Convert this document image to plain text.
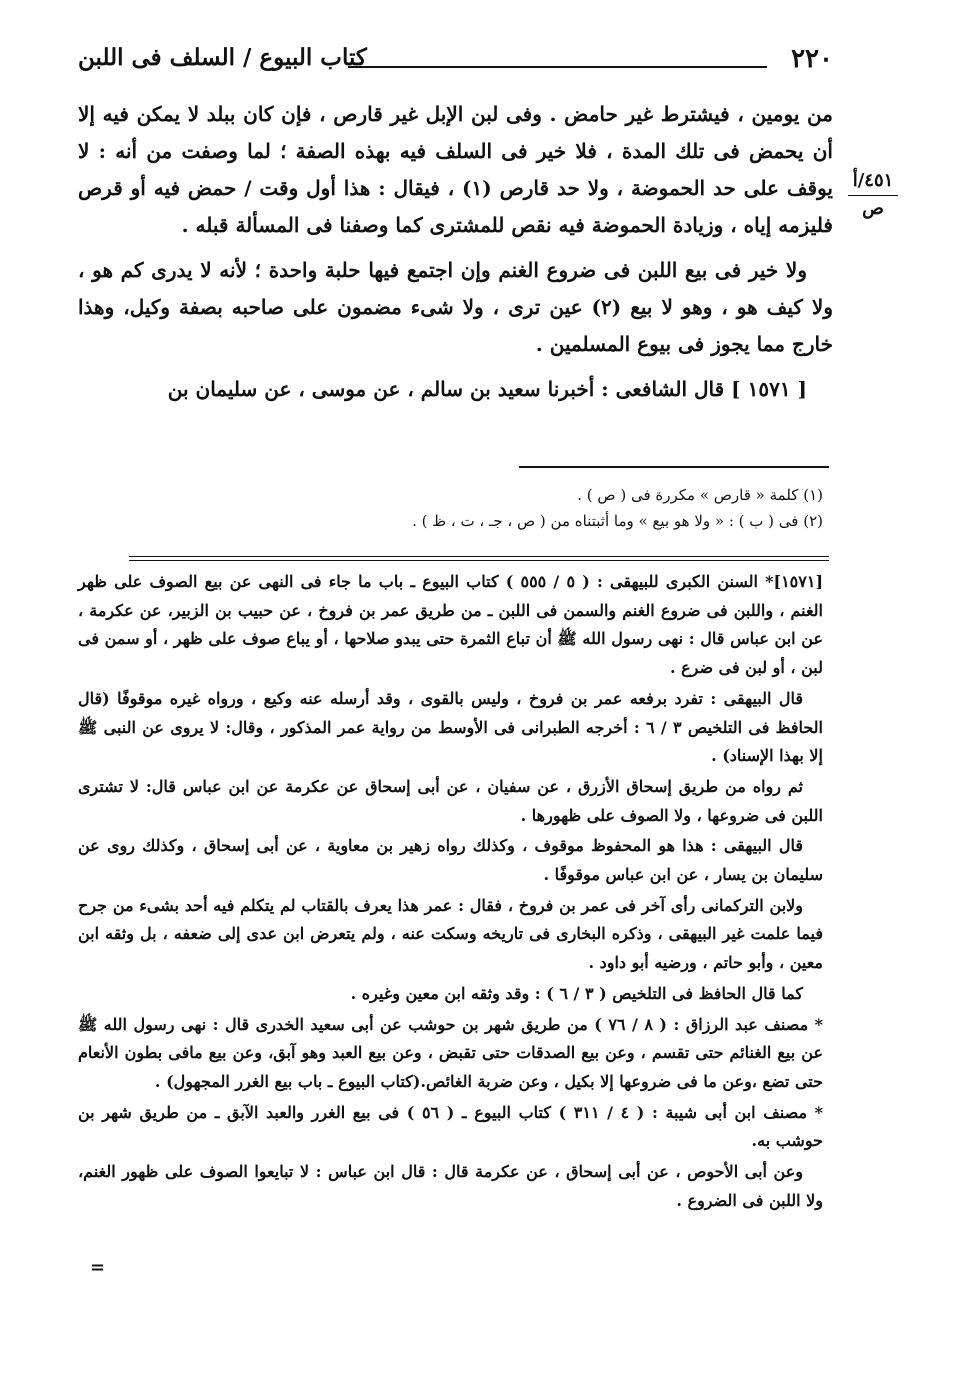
٢٢٠
كتاب البيوع / السلف فى اللبن
٤٥١/أ
ص

من يومين ، فيشترط غير حامض . وفى لبن الإبل غير قارص ، فإن كان ببلد لا يمكن فيه إلا أن يحمض فى تلك المدة ، فلا خير فى السلف فيه بهذه الصفة ؛ لما وصفت من أنه : لا يوقف على حد الحموضة ، ولا حد قارص (١) ، فيقال : هذا أول وقت / حمض فيه أو قرص فليزمه إياه ، وزيادة الحموضة فيه نقص للمشترى كما وصفنا فى المسألة قبله .

ولا خير فى بيع اللبن فى ضروع الغنم وإن اجتمع فيها حلبة واحدة ؛ لأنه لا يدرى كم هو ، ولا كيف هو ، وهو لا بيع (٢) عين ترى ، ولا شىء مضمون على صاحبه بصفة وكيل، وهذا خارج مما يجوز فى بيوع المسلمين .

[ ١٥٧١ ] قال الشافعى : أخبرنا سعيد بن سالم ، عن موسى ، عن سليمان بن

(١) كلمة « قارص » مكررة فى ( ص ) .
(٢) فى ( ب ) : « ولا هو بيع » وما أثبتناه من ( ص ، جـ ، ت ، ظ ) .

[١٥٧١]* السنن الكبرى للبيهقى : ( ٥ / ٥٥٥ ) كتاب البيوع ـ باب ما جاء فى النهى عن بيع الصوف على ظهر الغنم ، واللبن فى ضروع الغنم والسمن فى اللبن ـ من طريق عمر بن فروخ ، عن حبيب بن الزبير، عن عكرمة ، عن ابن عباس قال : نهى رسول الله ﷺ أن تباع الثمرة حتى يبدو صلاحها ، أو يباع صوف على ظهر ، أو سمن فى لبن ، أو لبن فى ضرع .

قال البيهقى : تفرد برفعه عمر بن فروخ ، وليس بالقوى ، وقد أرسله عنه وكيع ، ورواه غيره موقوفًا (قال الحافظ فى التلخيص ٣ / ٦ : أخرجه الطبرانى فى الأوسط من رواية عمر المذكور ، وقال: لا يروى عن النبى ﷺ إلا بهذا الإسناد) .

ثم رواه من طريق إسحاق الأزرق ، عن سفيان ، عن أبى إسحاق عن عكرمة عن ابن عباس قال: لا تشترى اللبن فى ضروعها ، ولا الصوف على ظهورها .

قال البيهقى : هذا هو المحفوظ موقوف ، وكذلك رواه زهير بن معاوية ، عن أبى إسحاق ، وكذلك روى عن سليمان بن يسار ، عن ابن عباس موقوفًا .

ولابن التركمانى رأى آخر فى عمر بن فروخ ، فقال : عمر هذا يعرف بالقتاب لم يتكلم فيه أحد بشىء من جرح فيما علمت غير البيهقى ، وذكره البخارى فى تاريخه وسكت عنه ، ولم يتعرض ابن عدى إلى ضعفه ، بل وثقه ابن معين ، وأبو حاتم ، ورضيه أبو داود .

كما قال الحافظ فى التلخيص ( ٣ / ٦ ) : وقد وثقه ابن معين وغيره .

* مصنف عبد الرزاق : ( ٨ / ٧٦ ) من طريق شهر بن حوشب عن أبى سعيد الخدرى قال : نهى رسول الله ﷺ عن بيع الغنائم حتى تقسم ، وعن بيع الصدقات حتى تقبض ، وعن بيع العبد وهو آبق، وعن بيع مافى بطون الأنعام حتى تضع ،وعن ما فى ضروعها إلا بكيل ، وعن ضربة الغائص.(كتاب البيوع ـ باب بيع الغرر المجهول) .

* مصنف ابن أبى شيبة : ( ٤ / ٣١١ ) كتاب البيوع ـ ( ٥٦ ) فى بيع الغرر والعبد الآبق ـ من طريق شهر بن حوشب به.

وعن أبى الأحوص ، عن أبى إسحاق ، عن عكرمة قال : قال ابن عباس : لا تبايعوا الصوف على ظهور الغنم، ولا اللبن فى الضروع .

=
